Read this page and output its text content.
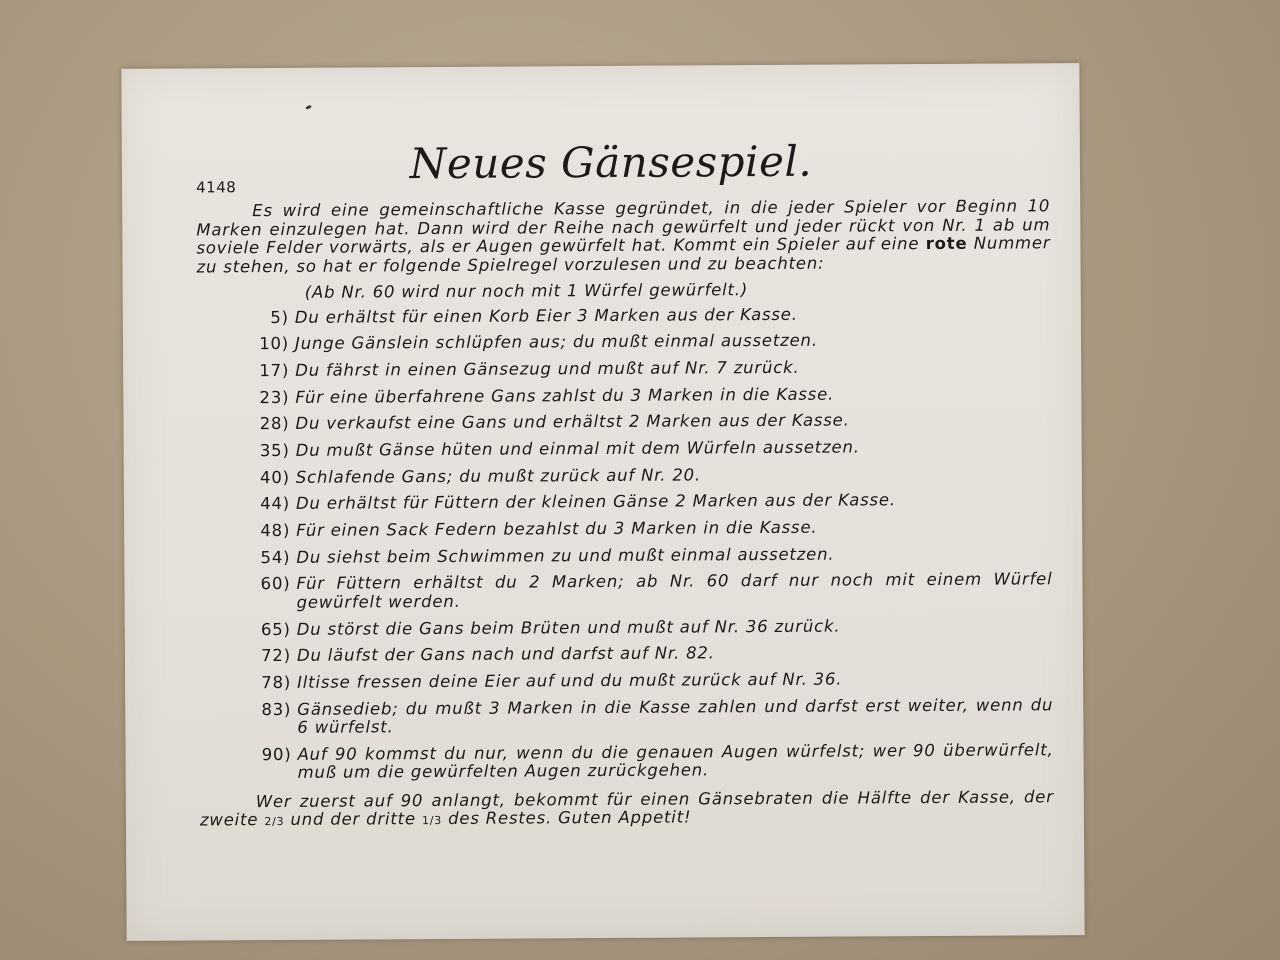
4148	Neues Gänsespiel.

Es wird eine gemeinschaftliche Kasse gegründet, in die jeder Spieler vor Beginn 10 Marken einzulegen hat. Dann wird der Reihe nach gewürfelt und jeder rückt von Nr. 1 ab um soviele Felder vorwärts, als er Augen gewürfelt hat. Kommt ein Spieler auf eine rote Nummer zu stehen, so hat er folgende Spielregel vorzulesen und zu beachten:

(Ab Nr. 60 wird nur noch mit 1 Würfel gewürfelt.)
5) Du erhältst für einen Korb Eier 3 Marken aus der Kasse.
10) Junge Gänslein schlüpfen aus; du mußt einmal aussetzen.
17) Du fährst in einen Gänsezug und mußt auf Nr. 7 zurück.
23) Für eine überfahrene Gans zahlst du 3 Marken in die Kasse.
28) Du verkaufst eine Gans und erhältst 2 Marken aus der Kasse.
35) Du mußt Gänse hüten und einmal mit dem Würfeln aussetzen.
40) Schlafende Gans; du mußt zurück auf Nr. 20.
44) Du erhältst für Füttern der kleinen Gänse 2 Marken aus der Kasse.
48) Für einen Sack Federn bezahlst du 3 Marken in die Kasse.
54) Du siehst beim Schwimmen zu und mußt einmal aussetzen.
60) Für Füttern erhältst du 2 Marken; ab Nr. 60 darf nur noch mit einem Würfel gewürfelt werden.
65) Du störst die Gans beim Brüten und mußt auf Nr. 36 zurück.
72) Du läufst der Gans nach und darfst auf Nr. 82.
78) Iltisse fressen deine Eier auf und du mußt zurück auf Nr. 36.
83) Gänsedieb; du mußt 3 Marken in die Kasse zahlen und darfst erst weiter, wenn du 6 würfelst.
90) Auf 90 kommst du nur, wenn du die genauen Augen würfelst; wer 90 überwürfelt, muß um die gewürfelten Augen zurückgehen.

Wer zuerst auf 90 anlangt, bekommt für einen Gänsebraten die Hälfte der Kasse, der zweite 2/3 und der dritte 1/3 des Restes. Guten Appetit!
